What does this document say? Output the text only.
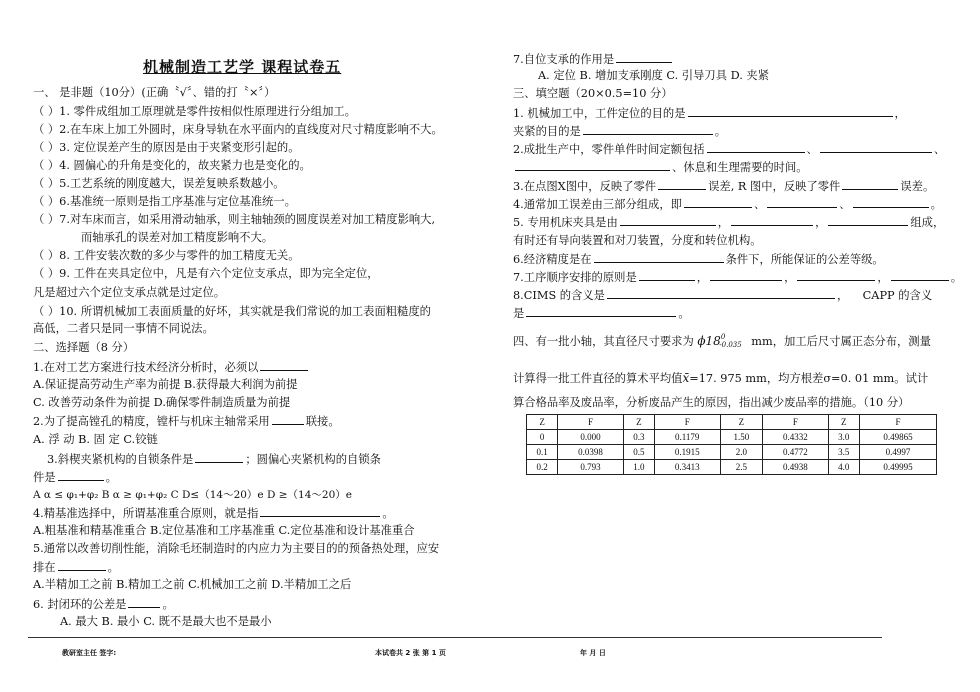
机械制造工艺学 课程试卷五
一、 是非题（10分）(正确〝√〞、错的打〝×〞）
（ ）1. 零件成组加工原理就是零件按相似性原理进行分组加工。
（ ）2.在车床上加工外圆时，床身导轨在水平面内的直线度对尺寸精度影响不大。
（ ）3. 定位误差产生的原因是由于夹紧变形引起的。
（ ）4. 圆偏心的升角是变化的，故夹紧力也是变化的。
（ ）5.工艺系统的刚度越大，误差复映系数越小。
（ ）6.基准统一原则是指工序基准与定位基准统一。
（ ）7.对车床而言，如采用滑动轴承，则主轴轴颈的圆度误差对加工精度影响大,
而轴承孔的误差对加工精度影响不大。
（ ）8. 工件安装次数的多少与零件的加工精度无关。
（ ）9. 工件在夹具定位中，凡是有六个定位支承点，即为完全定位，
凡是超过六个定位支承点就是过定位。
（ ）10. 所谓机械加工表面质量的好坏，其实就是我们常说的加工表面粗糙度的
高低，二者只是同一事情不同说法。
二、选择题（8 分）
1.在对工艺方案进行技术经济分析时，必须以
A.保证提高劳动生产率为前提 B.获得最大利润为前提
C. 改善劳动条件为前提 D.确保零件制造质量为前提
2.为了提高镗孔的精度，镗杆与机床主轴常采用	联接。
A. 浮 动 B. 固 定 C.铰链
3.斜楔夹紧机构的自锁条件是	；圆偏心夹紧机构的自锁条
件是	。
A α ≤ φ₁+φ₂ B α ≥ φ₁+φ₂ C D≤（14～20）e D ≥（14～20）e
4.精基准选择中，所谓基准重合原则，就是指	。
A.粗基准和精基准重合 B.定位基准和工序基准重 C.定位基准和设计基准重合
5.通常以改善切削性能，消除毛坯制造时的内应力为主要目的的预备热处理，应安
排在	。
A.半精加工之前 B.精加工之前 C.机械加工之前 D.半精加工之后
6. 封闭环的公差是	。
A. 最大 B. 最小 C. 既不是最大也不是最小
7.自位支承的作用是
A. 定位 B. 增加支承刚度 C. 引导刀具 D. 夹紧
三、填空题（20×0.5=10 分）
1. 机械加工中，工件定位的目的是	，
夹紧的目的是	。
2.成批生产中，零件单件时间定额包括	、	、
、休息和生理需要的时间。
3.在点图X图中，反映了零件	误差, R 图中，反映了零件	误差。
4.通常加工误差由三部分组成，即	、	、	。
5. 专用机床夹具是由	，	，	组成，
有时还有导向装置和对刀装置，分度和转位机构。
6.经济精度是在	条件下，所能保证的公差等级。
7.工序顺序安排的原则是	，	，	，	。
8.CIMS 的含义是	，    CAPP 的含义
是	。
四、有一批小轴，其直径尺寸要求为 $\phi 18^0-0.035$ mm，加工后尺寸属正态分布，测量
计算得一批工件直径的算术平均值x̄=17. 975 mm，均方根差σ=0. 01 mm。试计
算合格品率及废品率，分析废品产生的原因，指出减少废品率的措施。（10 分）
Z	F	Z	F	Z	F	Z	F
0	0.000	0.3	0.1179	1.50	0.4332	3.0	0.49865
0.1	0.0398	0.5	0.1915	2.0	0.4772	3.5	0.4997
0.2	0.793	1.0	0.3413	2.5	0.4938	4.0	0.49995
教研室主任 签字:	本试卷共 2 张 第 1 页	年 月 日
